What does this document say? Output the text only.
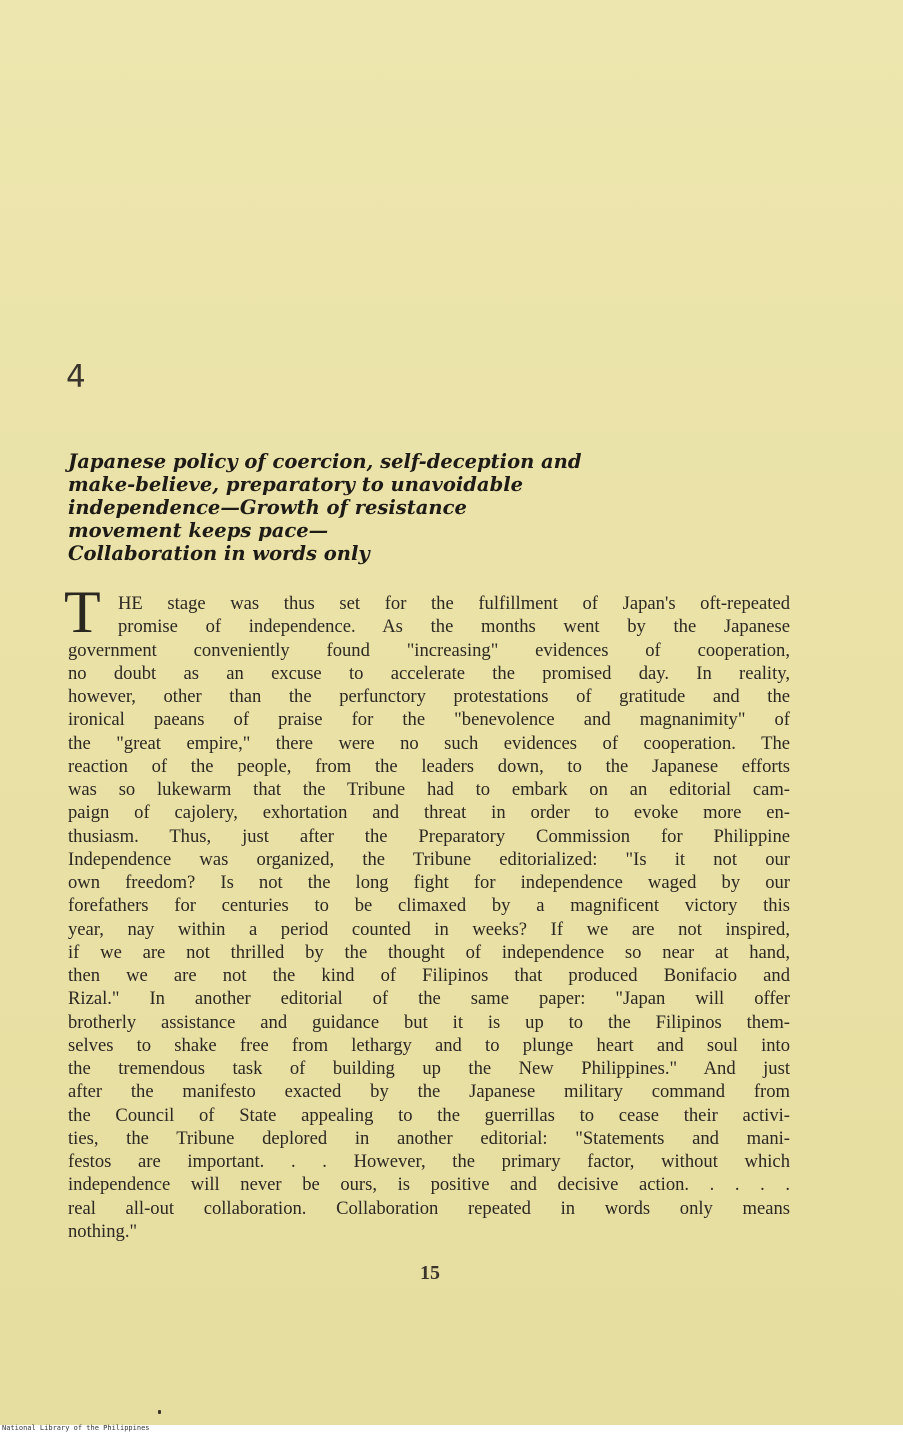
4
Japanese policy of coercion, self-deception and
make-believe, preparatory to unavoidable
independence—Growth of resistance
movement keeps pace—
Collaboration in words only
T HE stage was thus set for the fulfillment of Japan's oft-repeated
promise of independence. As the months went by the Japanese
government conveniently found "increasing" evidences of cooperation,
no doubt as an excuse to accelerate the promised day. In reality,
however, other than the perfunctory protestations of gratitude and the
ironical paeans of praise for the "benevolence and magnanimity" of
the "great empire," there were no such evidences of cooperation. The
reaction of the people, from the leaders down, to the Japanese efforts
was so lukewarm that the Tribune had to embark on an editorial cam-
paign of cajolery, exhortation and threat in order to evoke more en-
thusiasm. Thus, just after the Preparatory Commission for Philippine
Independence was organized, the Tribune editorialized: "Is it not our
own freedom? Is not the long fight for independence waged by our
forefathers for centuries to be climaxed by a magnificent victory this
year, nay within a period counted in weeks? If we are not inspired,
if we are not thrilled by the thought of independence so near at hand,
then we are not the kind of Filipinos that produced Bonifacio and
Rizal." In another editorial of the same paper: "Japan will offer
brotherly assistance and guidance but it is up to the Filipinos them-
selves to shake free from lethargy and to plunge heart and soul into
the tremendous task of building up the New Philippines." And just
after the manifesto exacted by the Japanese military command from
the Council of State appealing to the guerrillas to cease their activi-
ties, the Tribune deplored in another editorial: "Statements and mani-
festos are important. . . However, the primary factor, without which
independence will never be ours, is positive and decisive action. . . . .
real all-out collaboration. Collaboration repeated in words only means
nothing."
15
National Library of the Philippines
